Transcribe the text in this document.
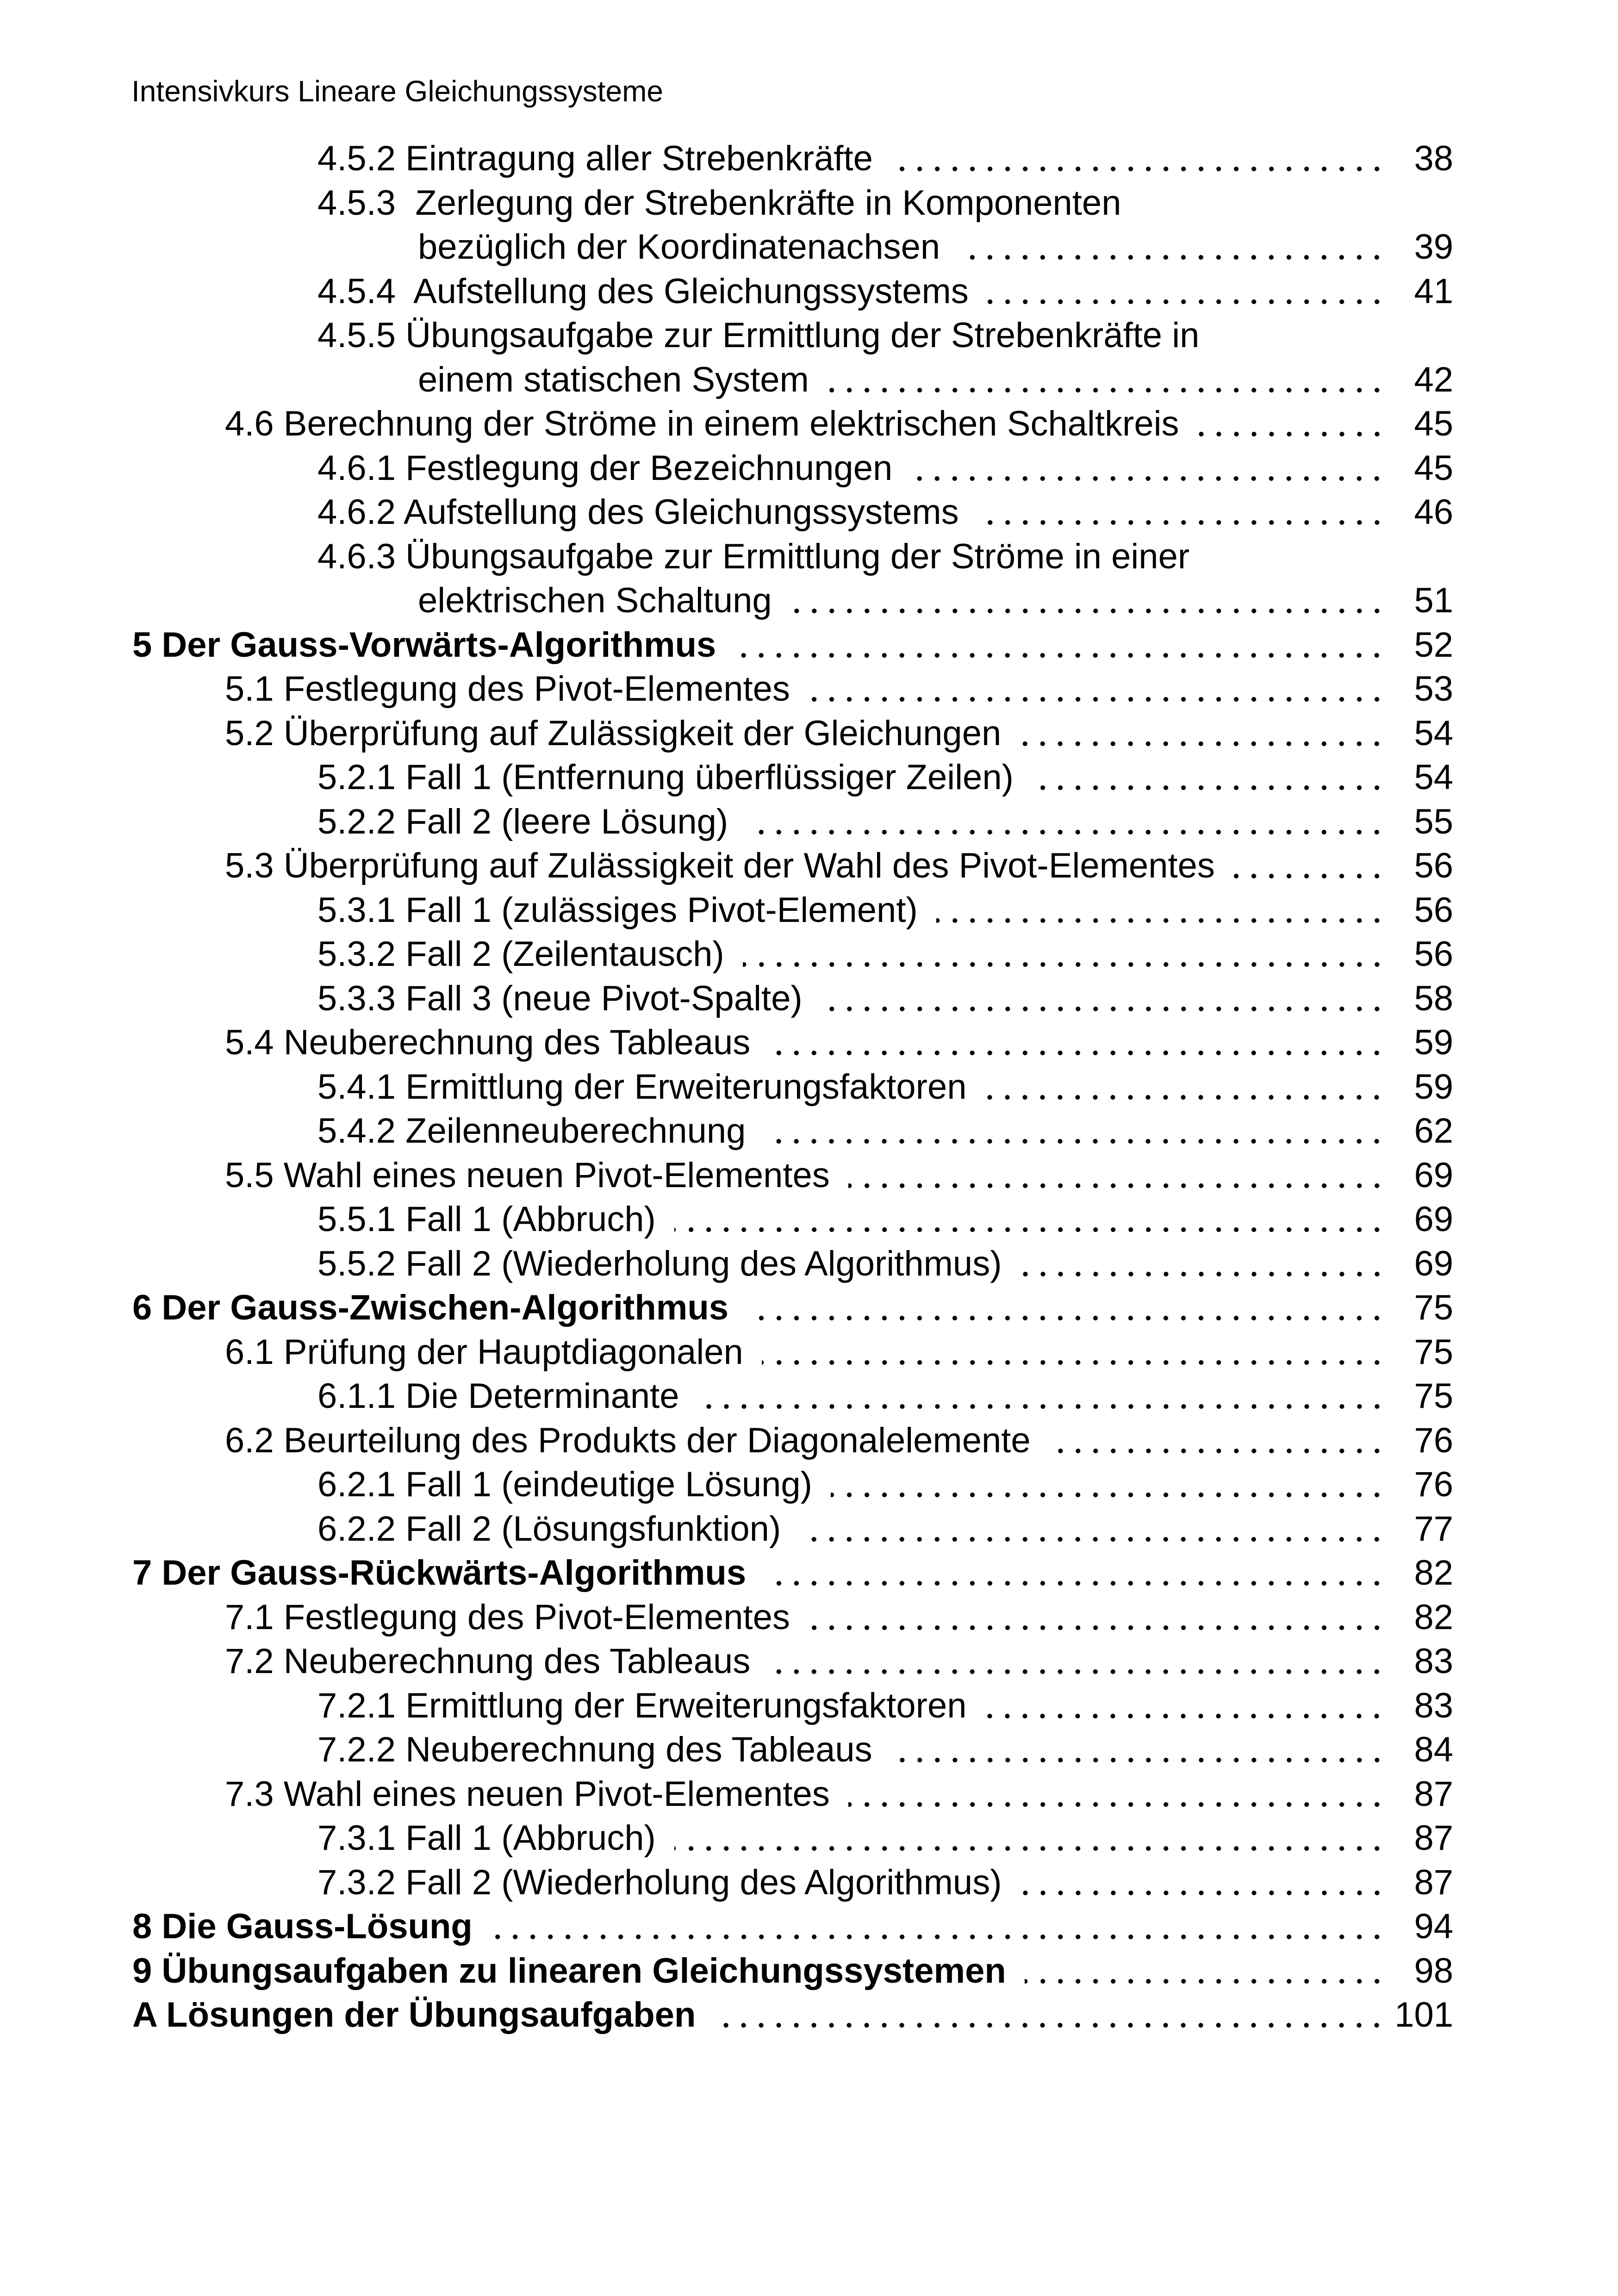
Intensivkurs Lineare Gleichungssysteme
4.5.2 Eintragung aller Strebenkräfte	38
4.5.3  Zerlegung der Strebenkräfte in Komponenten
bezüglich der Koordinatenachsen	39
4.5.4  Aufstellung des Gleichungssystems	41
4.5.5 Übungsaufgabe zur Ermittlung der Strebenkräfte in
einem statischen System	42
4.6 Berechnung der Ströme in einem elektrischen Schaltkreis	45
4.6.1 Festlegung der Bezeichnungen	45
4.6.2 Aufstellung des Gleichungssystems	46
4.6.3 Übungsaufgabe zur Ermittlung der Ströme in einer
elektrischen Schaltung	51
5 Der Gauss-Vorwärts-Algorithmus	52
5.1 Festlegung des Pivot-Elementes	53
5.2 Überprüfung auf Zulässigkeit der Gleichungen	54
5.2.1 Fall 1 (Entfernung überflüssiger Zeilen)	54
5.2.2 Fall 2 (leere Lösung)	55
5.3 Überprüfung auf Zulässigkeit der Wahl des Pivot-Elementes	56
5.3.1 Fall 1 (zulässiges Pivot-Element)	56
5.3.2 Fall 2 (Zeilentausch)	56
5.3.3 Fall 3 (neue Pivot-Spalte)	58
5.4 Neuberechnung des Tableaus	59
5.4.1 Ermittlung der Erweiterungsfaktoren	59
5.4.2 Zeilenneuberechnung	62
5.5 Wahl eines neuen Pivot-Elementes	69
5.5.1 Fall 1 (Abbruch)	69
5.5.2 Fall 2 (Wiederholung des Algorithmus)	69
6 Der Gauss-Zwischen-Algorithmus	75
6.1 Prüfung der Hauptdiagonalen	75
6.1.1 Die Determinante	75
6.2 Beurteilung des Produkts der Diagonalelemente	76
6.2.1 Fall 1 (eindeutige Lösung)	76
6.2.2 Fall 2 (Lösungsfunktion)	77
7 Der Gauss-Rückwärts-Algorithmus	82
7.1 Festlegung des Pivot-Elementes	82
7.2 Neuberechnung des Tableaus	83
7.2.1 Ermittlung der Erweiterungsfaktoren	83
7.2.2 Neuberechnung des Tableaus	84
7.3 Wahl eines neuen Pivot-Elementes	87
7.3.1 Fall 1 (Abbruch)	87
7.3.2 Fall 2 (Wiederholung des Algorithmus)	87
8 Die Gauss-Lösung	94
9 Übungsaufgaben zu linearen Gleichungssystemen	98
A Lösungen der Übungsaufgaben	101
